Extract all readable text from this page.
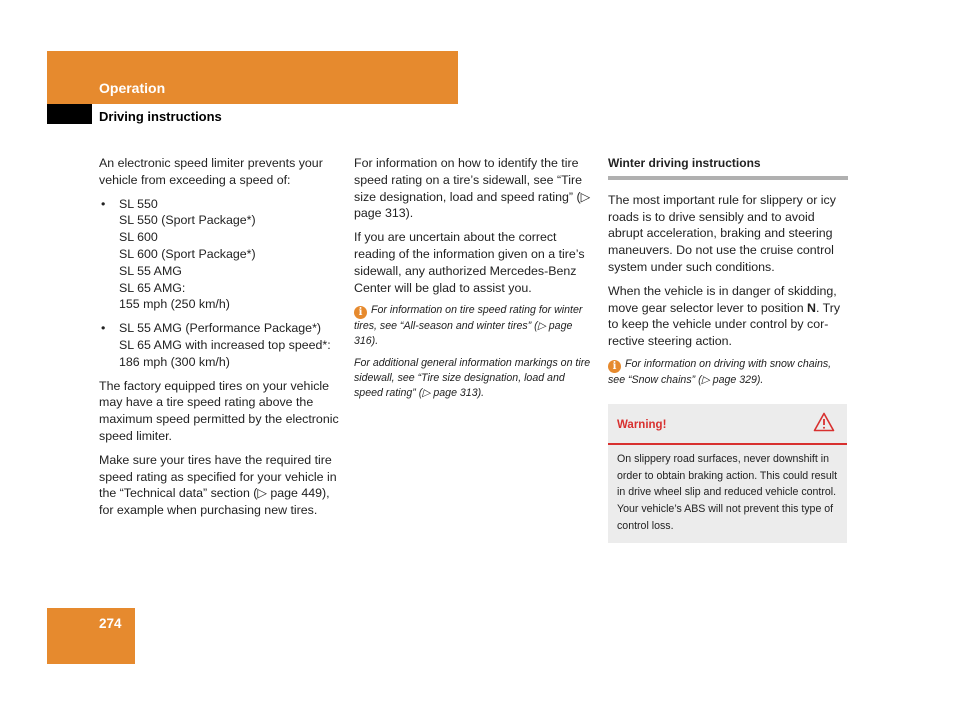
Operation
Driving instructions

An electronic speed limiter prevents your vehicle from exceeding a speed of:

• SL 550
SL 550 (Sport Package*)
SL 600
SL 600 (Sport Package*)
SL 55 AMG
SL 65 AMG:
155 mph (250 km/h)
• SL 55 AMG (Performance Package*)
SL 65 AMG with increased top speed*:
186 mph (300 km/h)

The factory equipped tires on your vehicle may have a tire speed rating above the maximum speed permitted by the electronic speed limiter.

Make sure your tires have the required tire speed rating as specified for your vehicle in the “Technical data” section (▷ page 449), for example when purchasing new tires.

For information on how to identify the tire speed rating on a tire’s sidewall, see “Tire size designation, load and speed rating” (▷ page 313).

If you are uncertain about the correct reading of the information given on a tire’s sidewall, any authorized Mercedes-Benz Center will be glad to assist you.

i For information on tire speed rating for winter tires, see “All-season and winter tires” (▷ page 316).

For additional general information markings on tire sidewall, see “Tire size designation, load and speed rating” (▷ page 313).

Winter driving instructions

The most important rule for slippery or icy roads is to drive sensibly and to avoid abrupt acceleration, braking and steering maneuvers. Do not use the cruise control system under such conditions.

When the vehicle is in danger of skidding, move gear selector lever to position N. Try to keep the vehicle under control by cor-rective steering action.

i For information on driving with snow chains, see “Snow chains” (▷ page 329).

Warning!
On slippery road surfaces, never downshift in order to obtain braking action. This could result in drive wheel slip and reduced vehicle control. Your vehicle’s ABS will not prevent this type of control loss.
274
